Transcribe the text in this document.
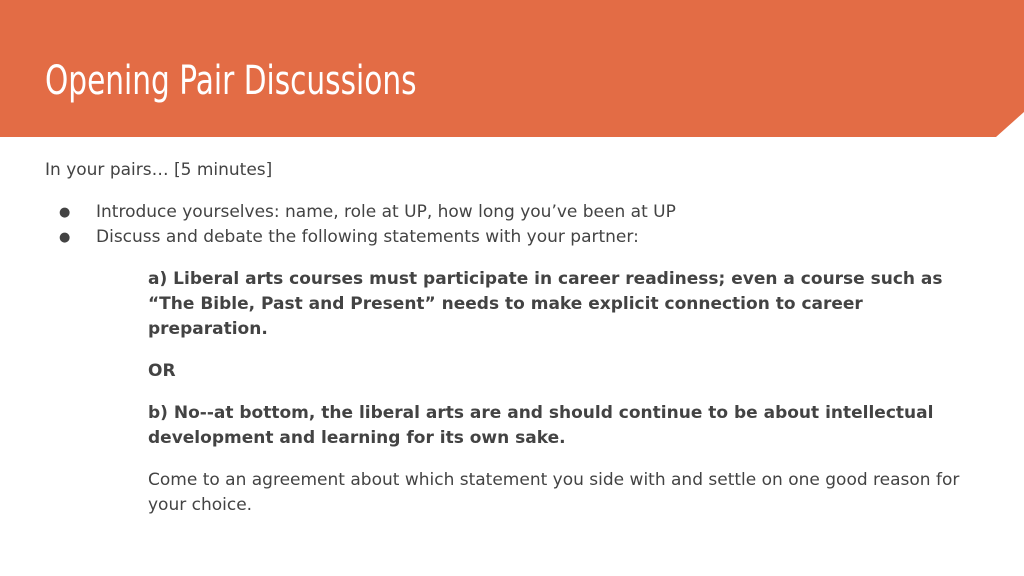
Opening Pair Discussions

In your pairs… [5 minutes]

● Introduce yourselves: name, role at UP, how long you’ve been at UP
● Discuss and debate the following statements with your partner:

a) Liberal arts courses must participate in career readiness; even a course such as “The Bible, Past and Present” needs to make explicit connection to career preparation.

OR

b) No--at bottom, the liberal arts are and should continue to be about intellectual development and learning for its own sake.

Come to an agreement about which statement you side with and settle on one good reason for your choice.
